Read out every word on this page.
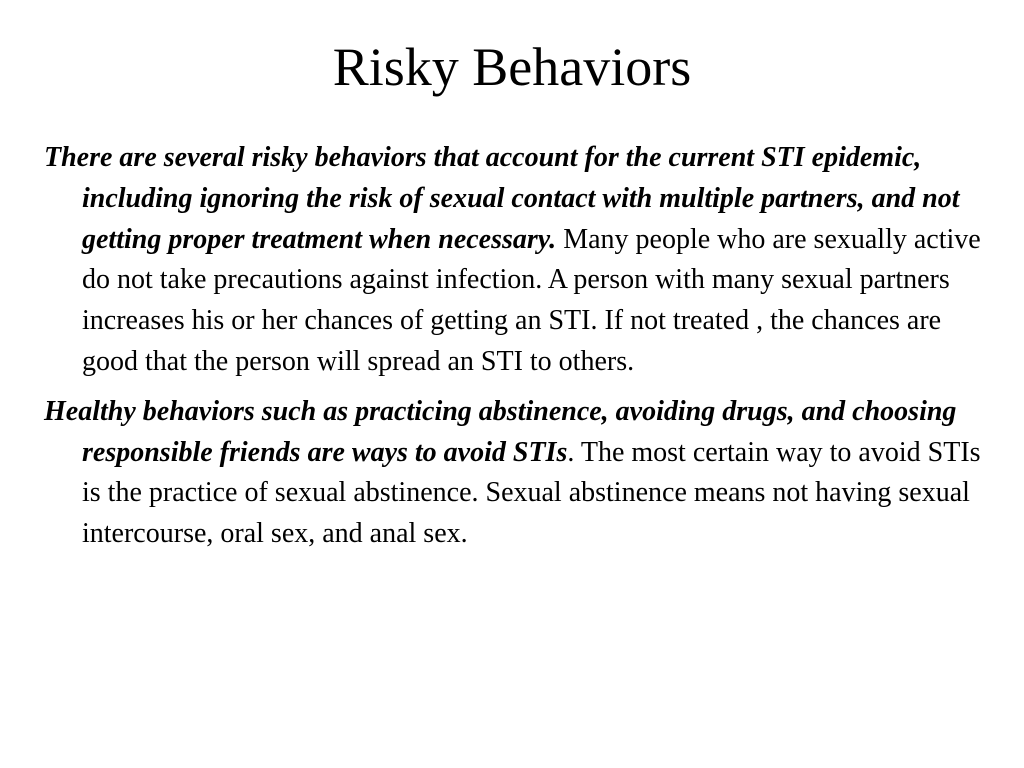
Risky Behaviors

There are several risky behaviors that account for the current STI epidemic, including ignoring the risk of sexual contact with multiple partners, and not getting proper treatment when necessary. Many people who are sexually active do not take precautions against infection. A person with many sexual partners increases his or her chances of getting an STI. If not treated , the chances are good that the person will spread an STI to others.

Healthy behaviors such as practicing abstinence, avoiding drugs, and choosing responsible friends are ways to avoid STIs. The most certain way to avoid STIs is the practice of sexual abstinence. Sexual abstinence means not having sexual intercourse, oral sex, and anal sex.
